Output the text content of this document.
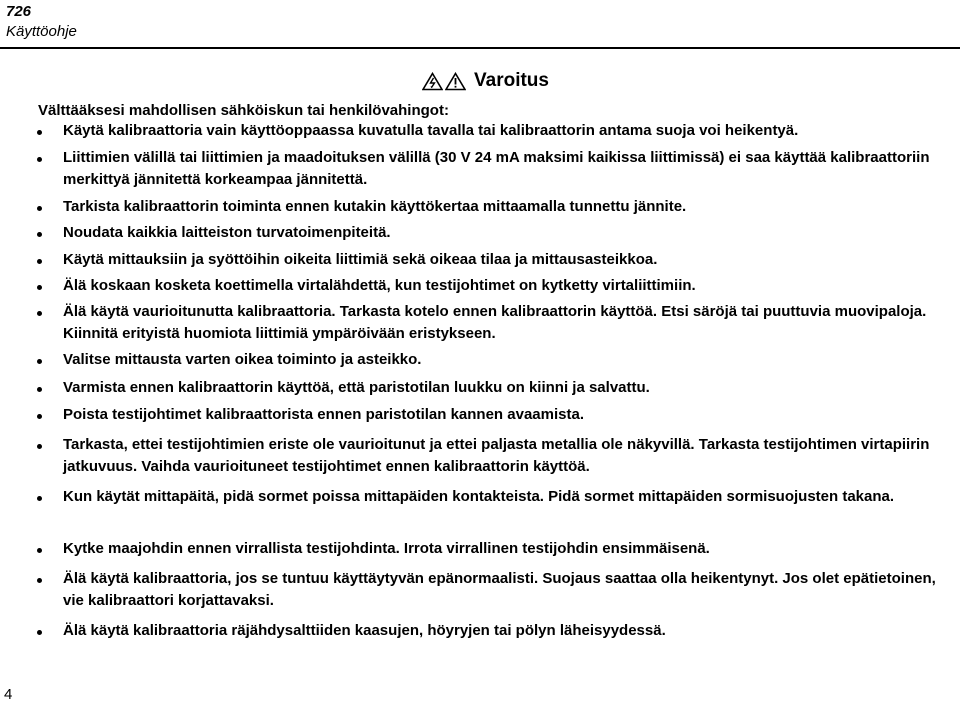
726
Käyttöohje
Varoitus
Välttääksesi mahdollisen sähköiskun tai henkilövahingot:
Käytä kalibraattoria vain käyttöoppaassa kuvatulla tavalla tai kalibraattorin antama suoja voi heikentyä.
Liittimien välillä tai liittimien ja maadoituksen välillä (30 V 24 mA maksimi kaikissa liittimissä) ei saa käyttää kalibraattoriin merkittyä jännitettä korkeampaa jännitettä.
Tarkista kalibraattorin toiminta ennen kutakin käyttökertaa mittaamalla tunnettu jännite.
Noudata kaikkia laitteiston turvatoimenpiteitä.
Käytä mittauksiin ja syöttöihin oikeita liittimiä sekä oikeaa tilaa ja mittausasteikkoa.
Älä koskaan kosketa koettimella virtalähdettä, kun testijohtimet on kytketty virtaliittimiin.
Älä käytä vaurioitunutta kalibraattoria. Tarkasta kotelo ennen kalibraattorin käyttöä. Etsi säröjä tai puuttuvia muovipaloja. Kiinnitä erityistä huomiota liittimiä ympäröivään eristykseen.
Valitse mittausta varten oikea toiminto ja asteikko.
Varmista ennen kalibraattorin käyttöä, että paristotilan luukku on kiinni ja salvattu.
Poista testijohtimet kalibraattorista ennen paristotilan kannen avaamista.
Tarkasta, ettei testijohtimien eriste ole vaurioitunut ja ettei paljasta metallia ole näkyvillä. Tarkasta testijohtimen virtapiirin jatkuvuus. Vaihda vaurioituneet testijohtimet ennen kalibraattorin käyttöä.
Kun käytät mittapäitä, pidä sormet poissa mittapäiden kontakteista. Pidä sormet mittapäiden sormisuojusten takana.
Kytke maajohdin ennen virrallista testijohdinta. Irrota virrallinen testijohdin ensimmäisenä.
Älä käytä kalibraattoria, jos se tuntuu käyttäytyvän epänormaalisti. Suojaus saattaa olla heikentynyt. Jos olet epätietoinen, vie kalibraattori korjattavaksi.
Älä käytä kalibraattoria räjähdysalttiiden kaasujen, höyryjen tai pölyn läheisyydessä.
4
